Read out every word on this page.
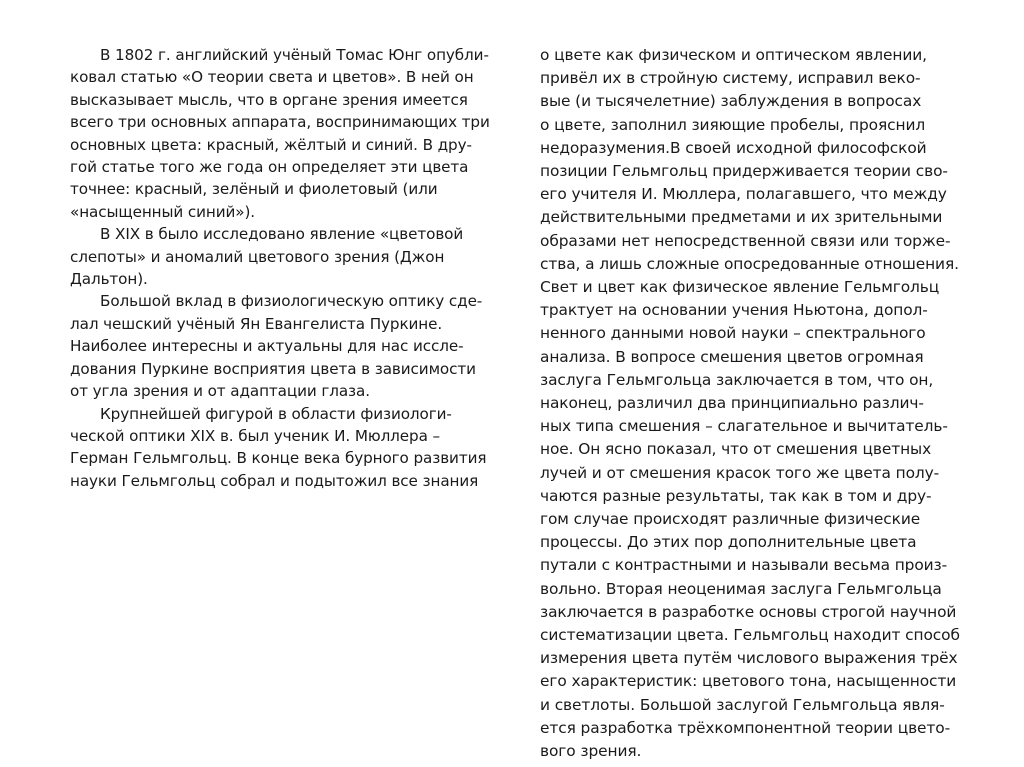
В 1802 г. английский учёный Томас Юнг опубли-
ковал статью «О теории света и цветов». В ней он
высказывает мысль, что в органе зрения имеется
всего три основных аппарата, воспринимающих три
основных цвета: красный, жёлтый и синий. В дру-
гой статье того же года он определяет эти цвета
точнее: красный, зелёный и фиолетовый (или
«насыщенный синий»).
В XIX в было исследовано явление «цветовой
слепоты» и аномалий цветового зрения (Джон
Дальтон).
Большой вклад в физиологическую оптику сде-
лал чешский учёный Ян Евангелиста Пуркине.
Наиболее интересны и актуальны для нас иссле-
дования Пуркине восприятия цвета в зависимости
от угла зрения и от адаптации глаза.
Крупнейшей фигурой в области физиологи-
ческой оптики XIX в. был ученик И. Мюллера –
Герман Гельмгольц. В конце века бурного развития
науки Гельмгольц собрал и подытожил все знания
о цвете как физическом и оптическом явлении,
привёл их в стройную систему, исправил веко-
вые (и тысячелетние) заблуждения в вопросах
о цвете, заполнил зияющие пробелы, прояснил
недоразумения.В своей исходной философской
позиции Гельмгольц придерживается теории сво-
его учителя И. Мюллера, полагавшего, что между
действительными предметами и их зрительными
образами нет непосредственной связи или торже-
ства, а лишь сложные опосредованные отношения.
Свет и цвет как физическое явление Гельмгольц
трактует на основании учения Ньютона, допол-
ненного данными новой науки – спектрального
анализа. В вопросе смешения цветов огромная
заслуга Гельмгольца заключается в том, что он,
наконец, различил два принципиально различ-
ных типа смешения – слагательное и вычитатель-
ное. Он ясно показал, что от смешения цветных
лучей и от смешения красок того же цвета полу-
чаются разные результаты, так как в том и дру-
гом случае происходят различные физические
процессы. До этих пор дополнительные цвета
путали с контрастными и называли весьма произ-
вольно. Вторая неоценимая заслуга Гельмгольца
заключается в разработке основы строгой научной
систематизации цвета. Гельмгольц находит способ
измерения цвета путём числового выражения трёх
его характеристик: цветового тона, насыщенности
и светлоты. Большой заслугой Гельмгольца явля-
ется разработка трёхкомпонентной теории цвето-
вого зрения.
